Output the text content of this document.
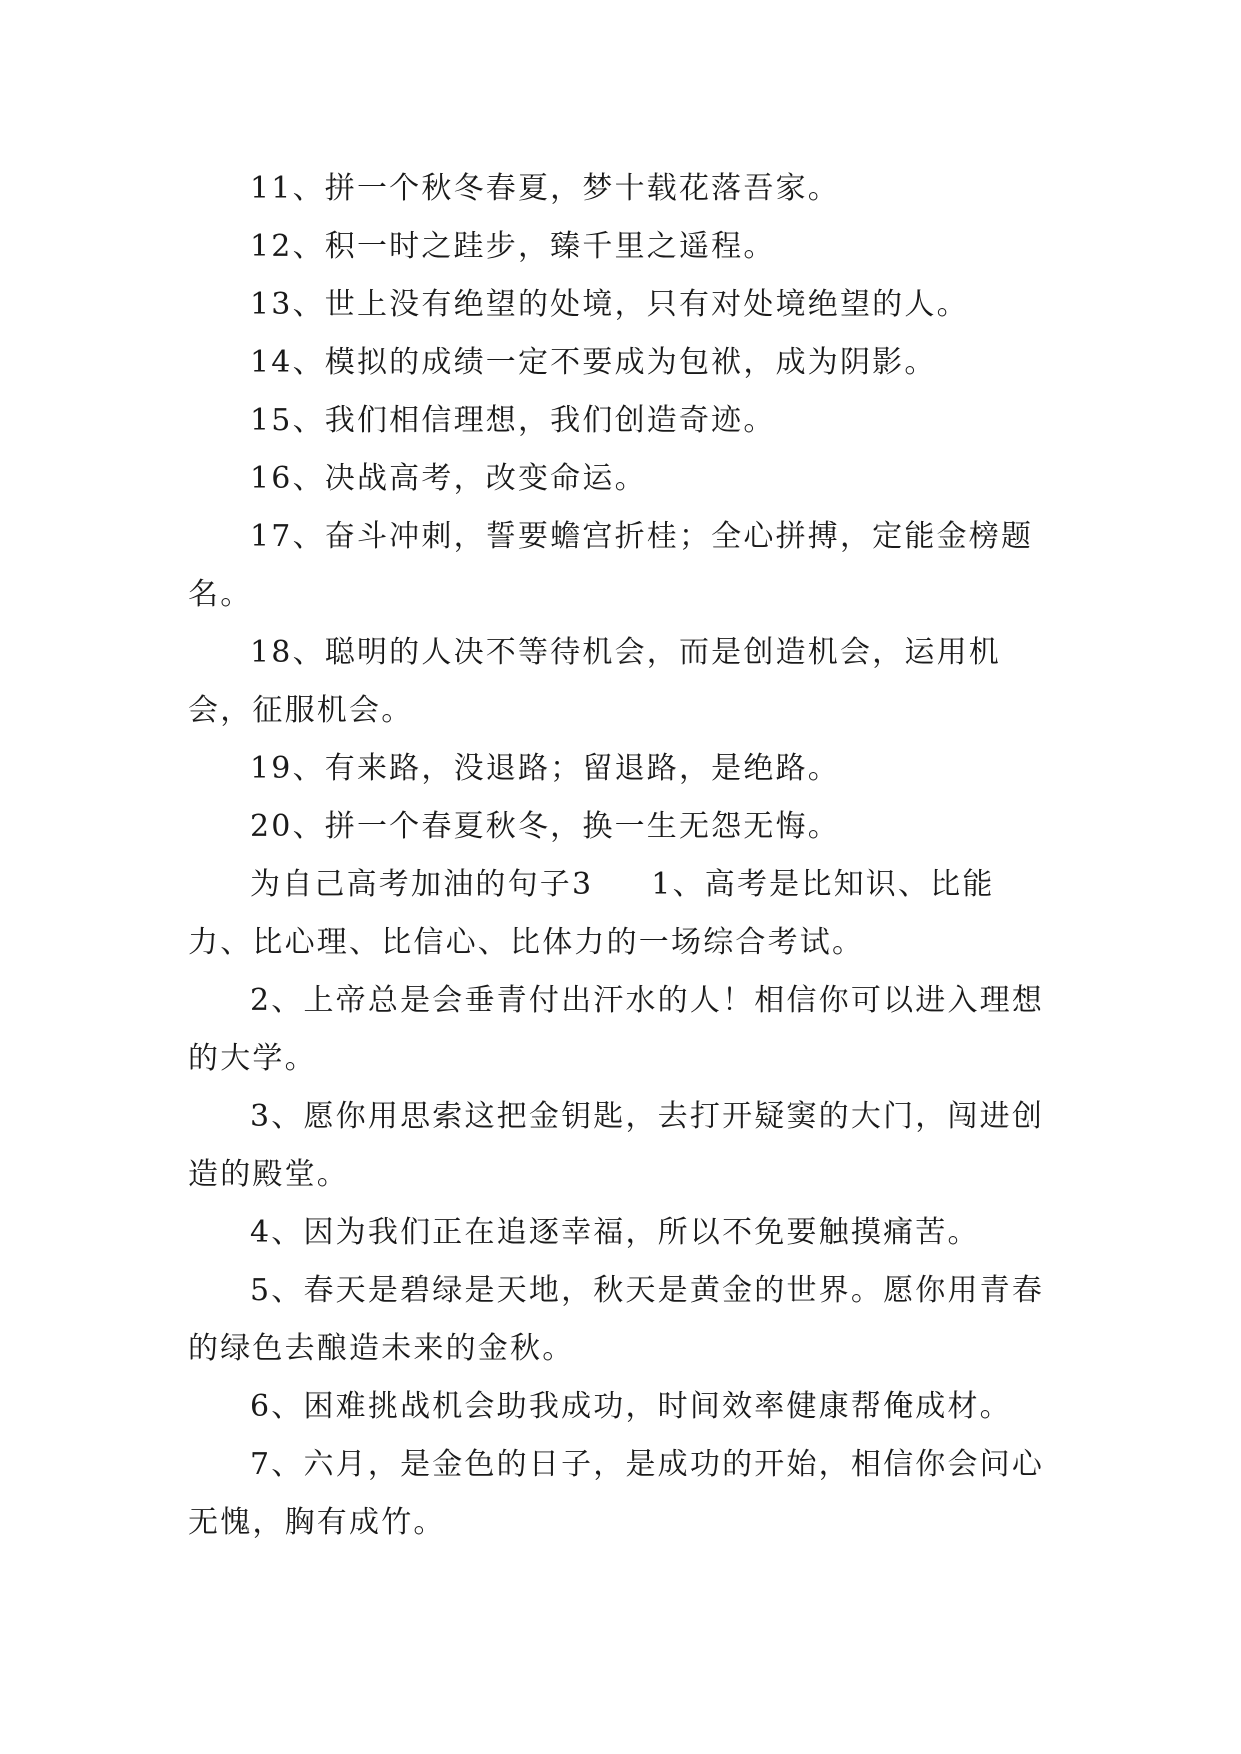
11、拼一个秋冬春夏，梦十载花落吾家。

12、积一时之跬步，臻千里之遥程。

13、世上没有绝望的处境，只有对处境绝望的人。

14、模拟的成绩一定不要成为包袱，成为阴影。

15、我们相信理想，我们创造奇迹。

16、决战高考，改变命运。

17、奋斗冲刺，誓要蟾宫折桂；全心拼搏，定能金榜题名。

18、聪明的人决不等待机会，而是创造机会，运用机会，征服机会。

19、有来路，没退路；留退路，是绝路。

20、拼一个春夏秋冬，换一生无怨无悔。

为自己高考加油的句子3 1、高考是比知识、比能力、比心理、比信心、比体力的一场综合考试。

2、上帝总是会垂青付出汗水的人！相信你可以进入理想的大学。

3、愿你用思索这把金钥匙，去打开疑窦的大门，闯进创造的殿堂。

4、因为我们正在追逐幸福，所以不免要触摸痛苦。

5、春天是碧绿是天地，秋天是黄金的世界。愿你用青春的绿色去酿造未来的金秋。

6、困难挑战机会助我成功，时间效率健康帮俺成材。

7、六月，是金色的日子，是成功的开始，相信你会问心无愧，胸有成竹。
